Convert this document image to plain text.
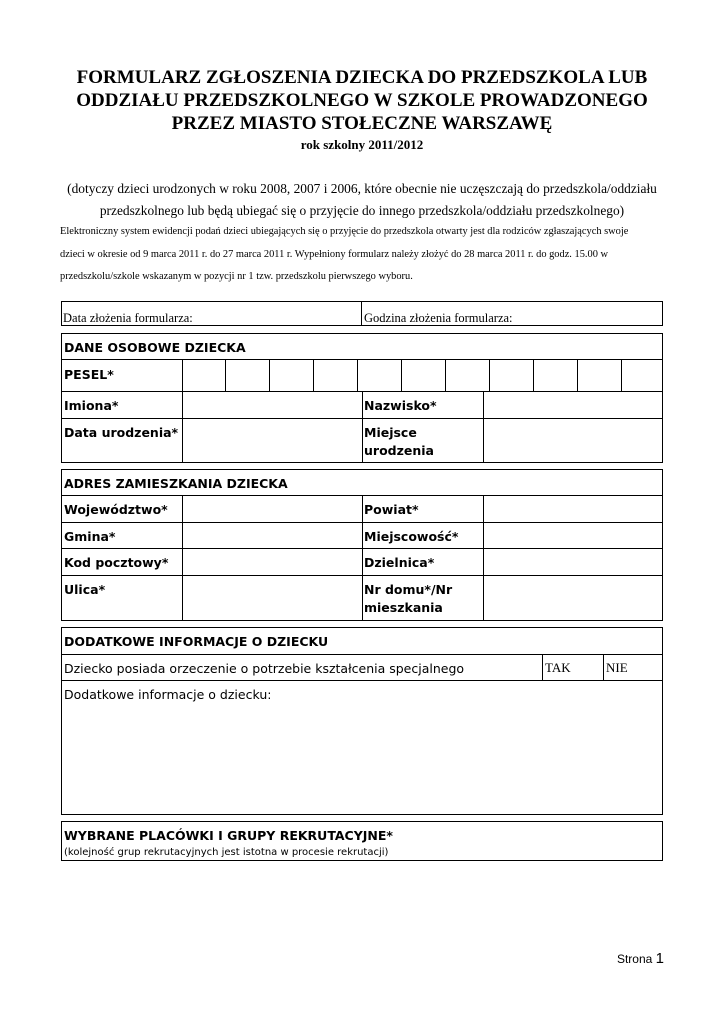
FORMULARZ ZGŁOSZENIA DZIECKA DO PRZEDSZKOLA LUB
ODDZIAŁU PRZEDSZKOLNEGO W SZKOLE PROWADZONEGO
PRZEZ MIASTO STOŁECZNE WARSZAWĘ
rok szkolny 2011/2012
(dotyczy dzieci urodzonych w roku 2008, 2007 i 2006, które obecnie nie uczęszczają do przedszkola/oddziału
przedszkolnego lub będą ubiegać się o przyjęcie do innego przedszkola/oddziału przedszkolnego)
Elektroniczny system ewidencji podań dzieci ubiegających się o przyjęcie do przedszkola otwarty jest dla rodziców zgłaszających swoje
dzieci w okresie od 9 marca 2011 r. do 27 marca 2011 r. Wypełniony formularz należy złożyć do 28 marca 2011 r. do godz. 15.00 w
przedszkolu/szkole wskazanym w pozycji nr 1 tzw. przedszkolu pierwszego wyboru.
Data złożenia formularza:	Godzina złożenia formularza:
DANE OSOBOWE DZIECKA
PESEL*
Imiona*	Nazwisko*
Data urodzenia*	Miejsce
urodzenia
ADRES ZAMIESZKANIA DZIECKA
Województwo*	Powiat*
Gmina*	Miejscowość*
Kod pocztowy*	Dzielnica*
Ulica*	Nr domu*/Nr
mieszkania
DODATKOWE INFORMACJE O DZIECKU
Dziecko posiada orzeczenie o potrzebie kształcenia specjalnego	TAK	NIE
Dodatkowe informacje o dziecku:
WYBRANE PLACÓWKI I GRUPY REKRUTACYJNE*
(kolejność grup rekrutacyjnych jest istotna w procesie rekrutacji)
Strona 1
